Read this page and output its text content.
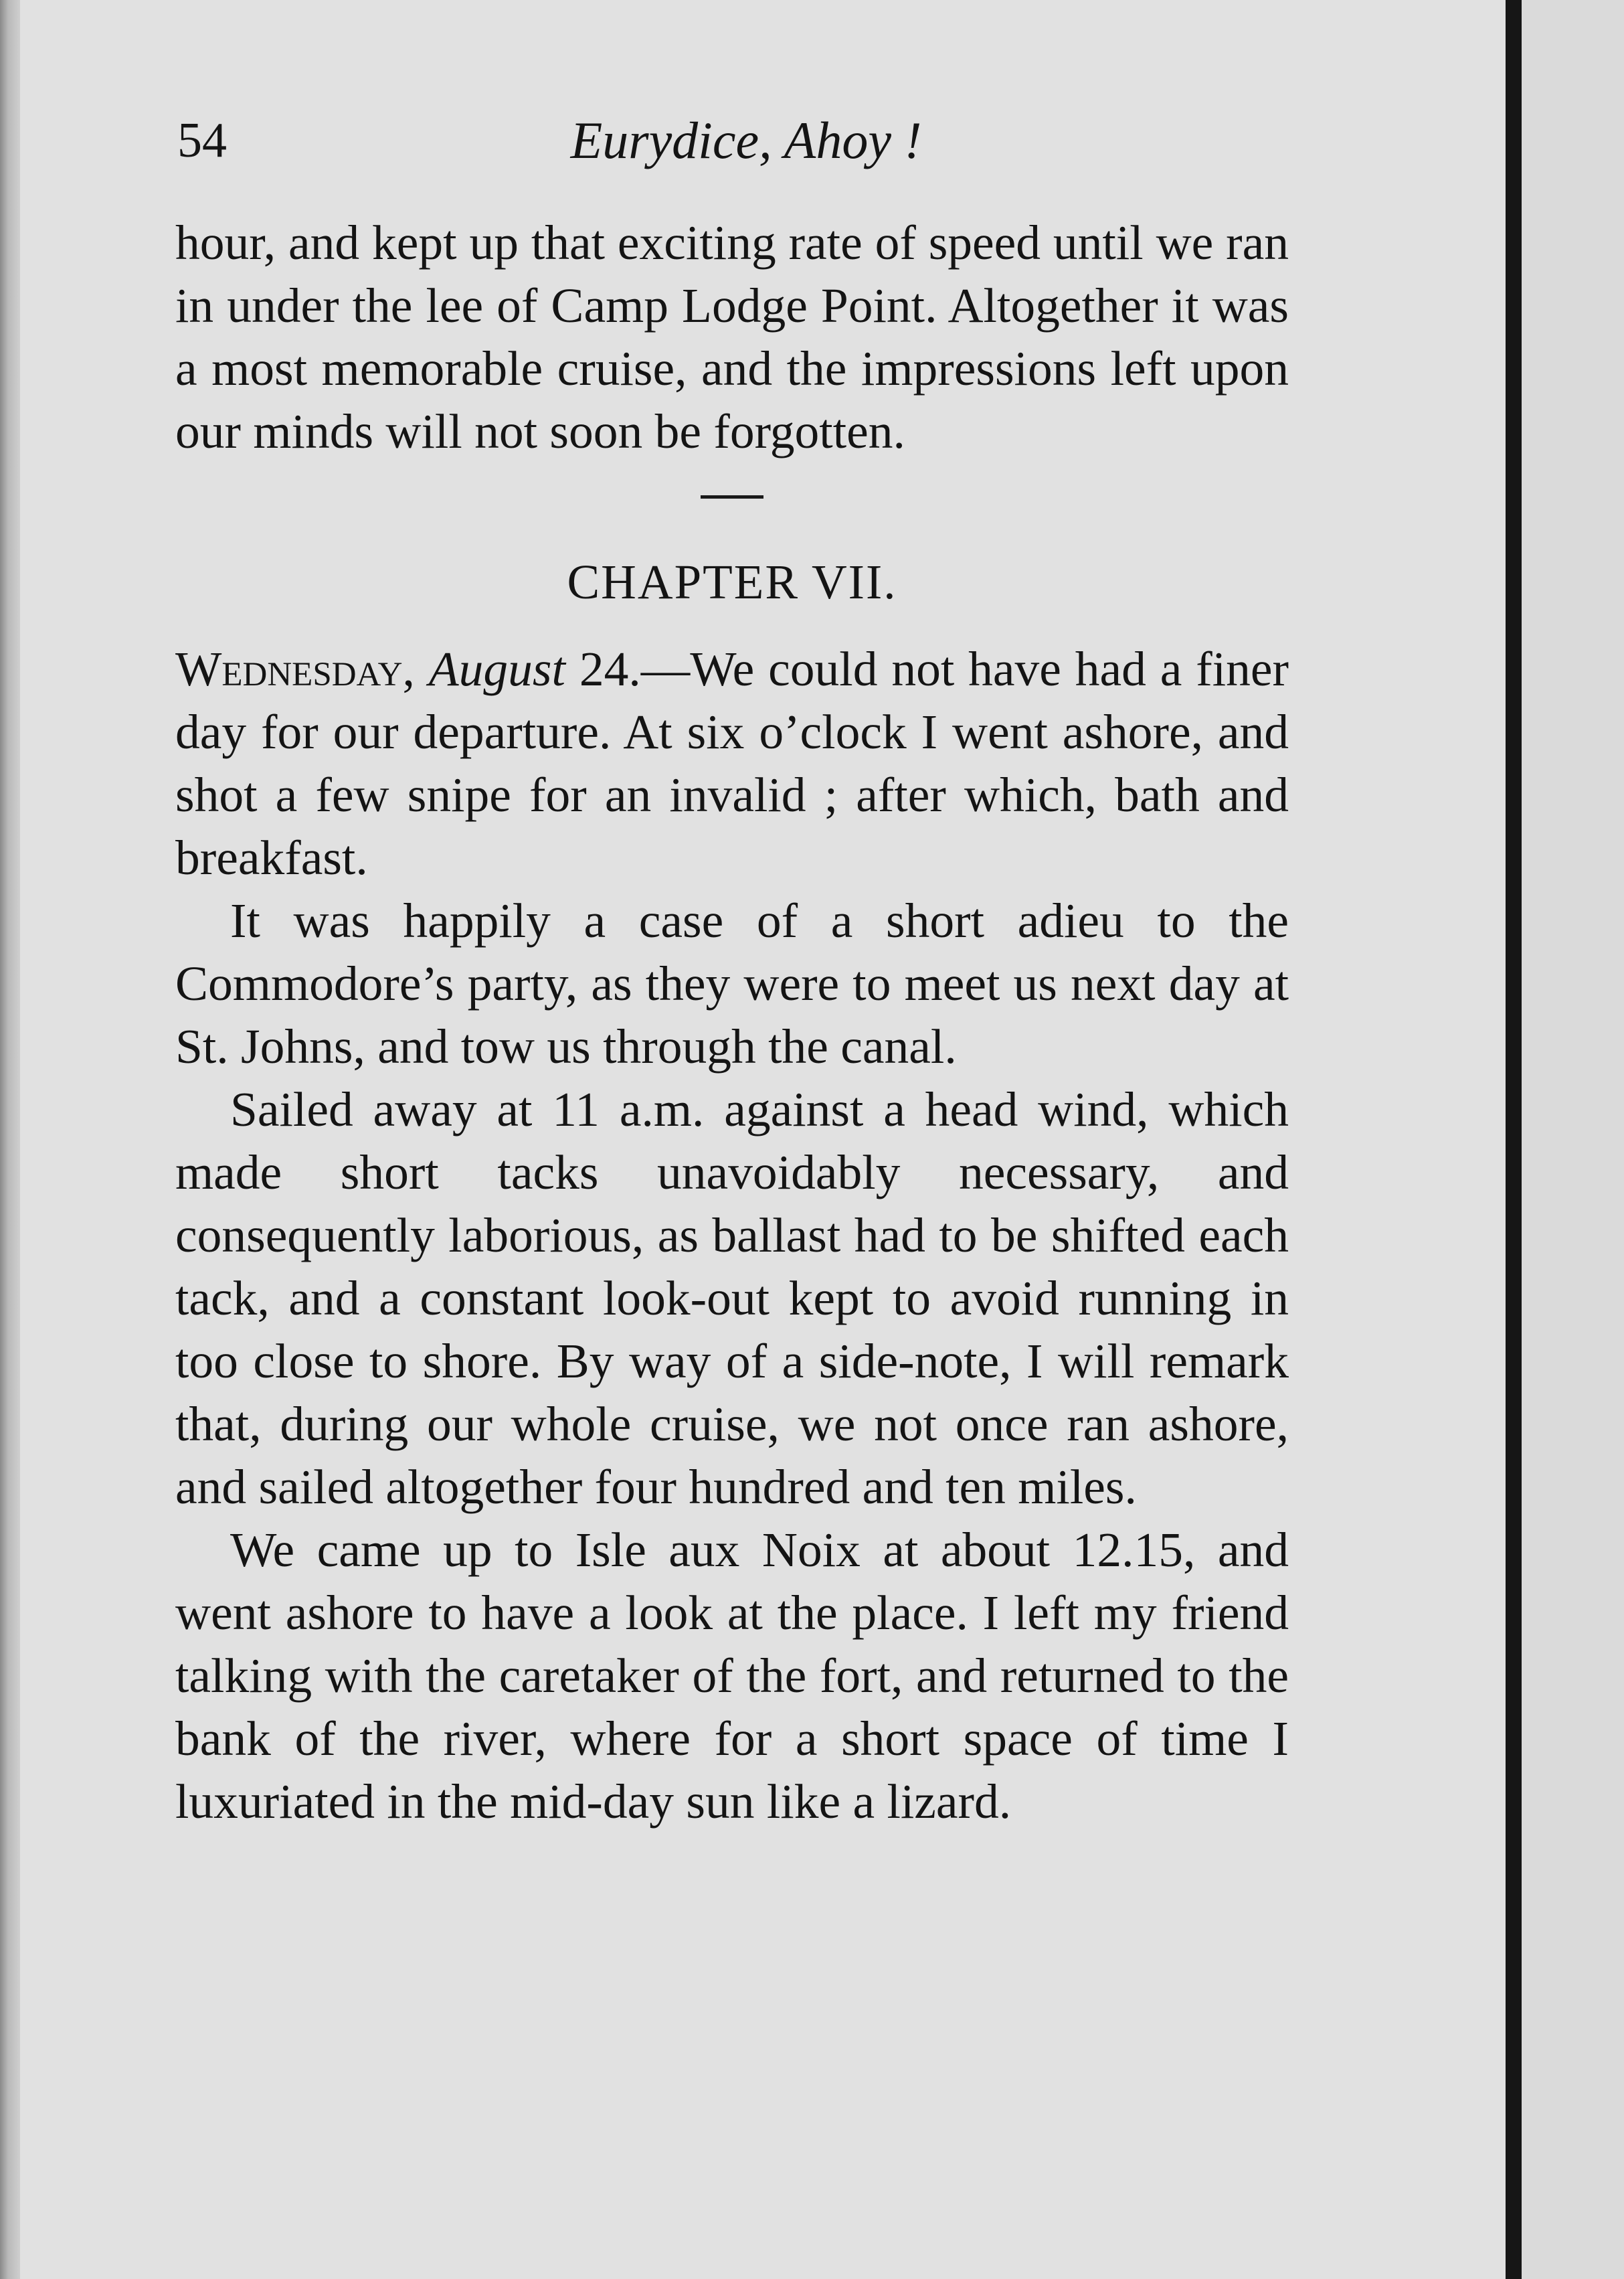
54	Eurydice, Ahoy !

hour, and kept up that exciting rate of speed until we ran in under the lee of Camp Lodge Point. Altogether it was a most memorable cruise, and the impressions left upon our minds will not soon be forgotten.

CHAPTER VII.

Wednesday, August 24.—We could not have had a finer day for our departure. At six o’clock I went ashore, and shot a few snipe for an invalid ; after which, bath and breakfast.

It was happily a case of a short adieu to the Commodore’s party, as they were to meet us next day at St. Johns, and tow us through the canal.

Sailed away at 11 a.m. against a head wind, which made short tacks unavoidably necessary, and consequently laborious, as ballast had to be shifted each tack, and a constant look-out kept to avoid running in too close to shore. By way of a side-note, I will remark that, during our whole cruise, we not once ran ashore, and sailed altogether four hundred and ten miles.

We came up to Isle aux Noix at about 12.15, and went ashore to have a look at the place. I left my friend talking with the caretaker of the fort, and returned to the bank of the river, where for a short space of time I luxuriated in the mid-day sun like a lizard.
